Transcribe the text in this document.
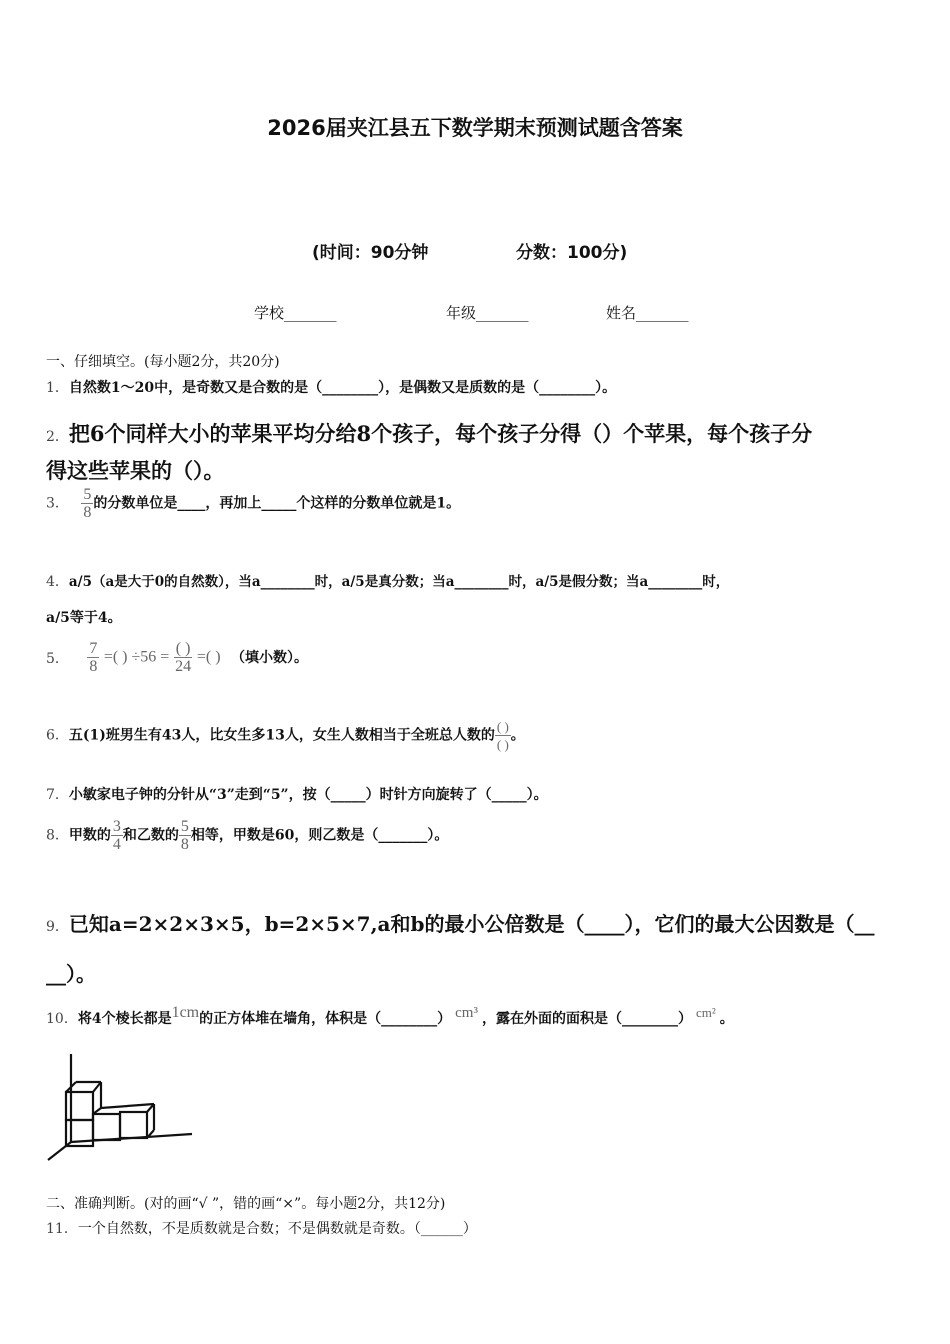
2026届夹江县五下数学期末预测试题含答案
(时间：90分钟	分数：100分)
学校_______	年级_______	姓名_______
一、仔细填空。(每小题2分，共20分)
1．自然数1～20中，是奇数又是合数的是（________），是偶数又是质数的是（________）。
2．把6个同样大小的苹果平均分给8个孩子，每个孩子分得（）个苹果，每个孩子分
得这些苹果的（）。
3． $\frac{5}{8}$ 的分数单位是____，再加上_____个这样的分数单位就是1。
4．a/5（a是大于0的自然数），当a________时，a/5是真分数；当a________时，a/5是假分数；当a________时，
a/5等于4。
5． $\frac{7}{8}$ =( ) $\div 56 = \frac{( )}{24}$ =( ) （填小数）。
6．五(1)班男生有43人，比女生多13人，女生人数相当于全班总人数的 $\frac{( )}{( )}$ 。
7．小敏家电子钟的分针从“3”走到“5”，按（_____）时针方向旋转了（_____）。
8．甲数的 $\frac{3}{4}$ 和乙数的 $\frac{5}{8}$ 相等，甲数是60，则乙数是（_______）。
9．已知a=2×2×3×5，b=2×5×7,a和b的最小公倍数是（____），它们的最大公因数是（__
__）。
10．将4个棱长都是1cm的正方体堆在墙角，体积是（________） cm³ ，露在外面的面积是（________） cm² 。
二、准确判断。(对的画“√ ”，错的画“×”。每小题2分，共12分)
11．一个自然数，不是质数就是合数；不是偶数就是奇数。（______）
